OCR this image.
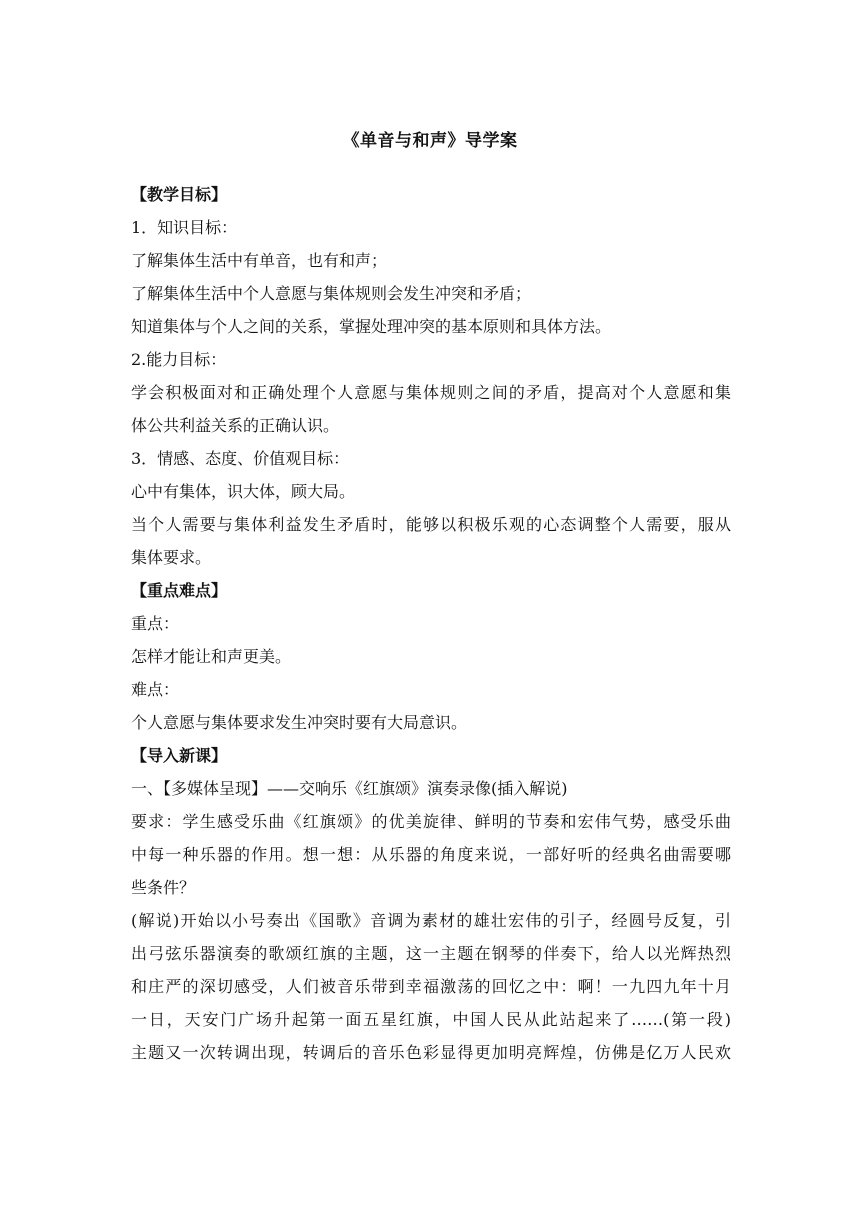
《单音与和声》导学案
【教学目标】
1．知识目标：
了解集体生活中有单音，也有和声；
了解集体生活中个人意愿与集体规则会发生冲突和矛盾；
知道集体与个人之间的关系，掌握处理冲突的基本原则和具体方法。
2.能力目标：
学会积极面对和正确处理个人意愿与集体规则之间的矛盾，提高对个人意愿和集
体公共利益关系的正确认识。
3．情感、态度、价值观目标：
心中有集体，识大体，顾大局。
当个人需要与集体利益发生矛盾时，能够以积极乐观的心态调整个人需要，服从
集体要求。
【重点难点】
重点：
怎样才能让和声更美。
难点：
个人意愿与集体要求发生冲突时要有大局意识。
【导入新课】
一、【多媒体呈现】——交响乐《红旗颂》演奏录像(插入解说)
要求：学生感受乐曲《红旗颂》的优美旋律、鲜明的节奏和宏伟气势，感受乐曲
中每一种乐器的作用。想一想：从乐器的角度来说，一部好听的经典名曲需要哪
些条件？
(解说)开始以小号奏出《国歌》音调为素材的雄壮宏伟的引子，经圆号反复，引
出弓弦乐器演奏的歌颂红旗的主题，这一主题在钢琴的伴奏下，给人以光辉热烈
和庄严的深切感受，人们被音乐带到幸福激荡的回忆之中：啊！一九四九年十月
一日，天安门广场升起第一面五星红旗，中国人民从此站起来了……(第一段)
主题又一次转调出现，转调后的音乐色彩显得更加明亮辉煌，仿佛是亿万人民欢
